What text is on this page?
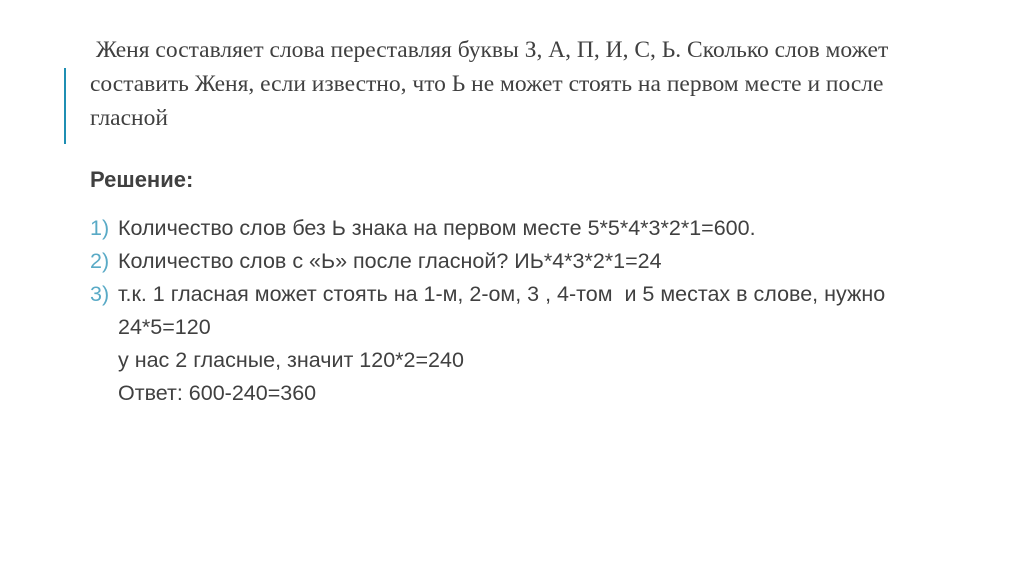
Женя составляет слова переставляя буквы З, А, П, И, С, Ь. Сколько слов может
составить Женя, если известно, что Ь не может стоять на первом месте и после
гласной
Решение:
1) Количество слов без Ь знака на первом месте 5*5*4*3*2*1=600.
2) Количество слов с «Ь» после гласной? ИЬ*4*3*2*1=24
3) т.к. 1 гласная может стоять на 1-м, 2-ом, 3 , 4-том  и 5 местах в слове, нужно
24*5=120
у нас 2 гласные, значит 120*2=240
Ответ: 600-240=360
